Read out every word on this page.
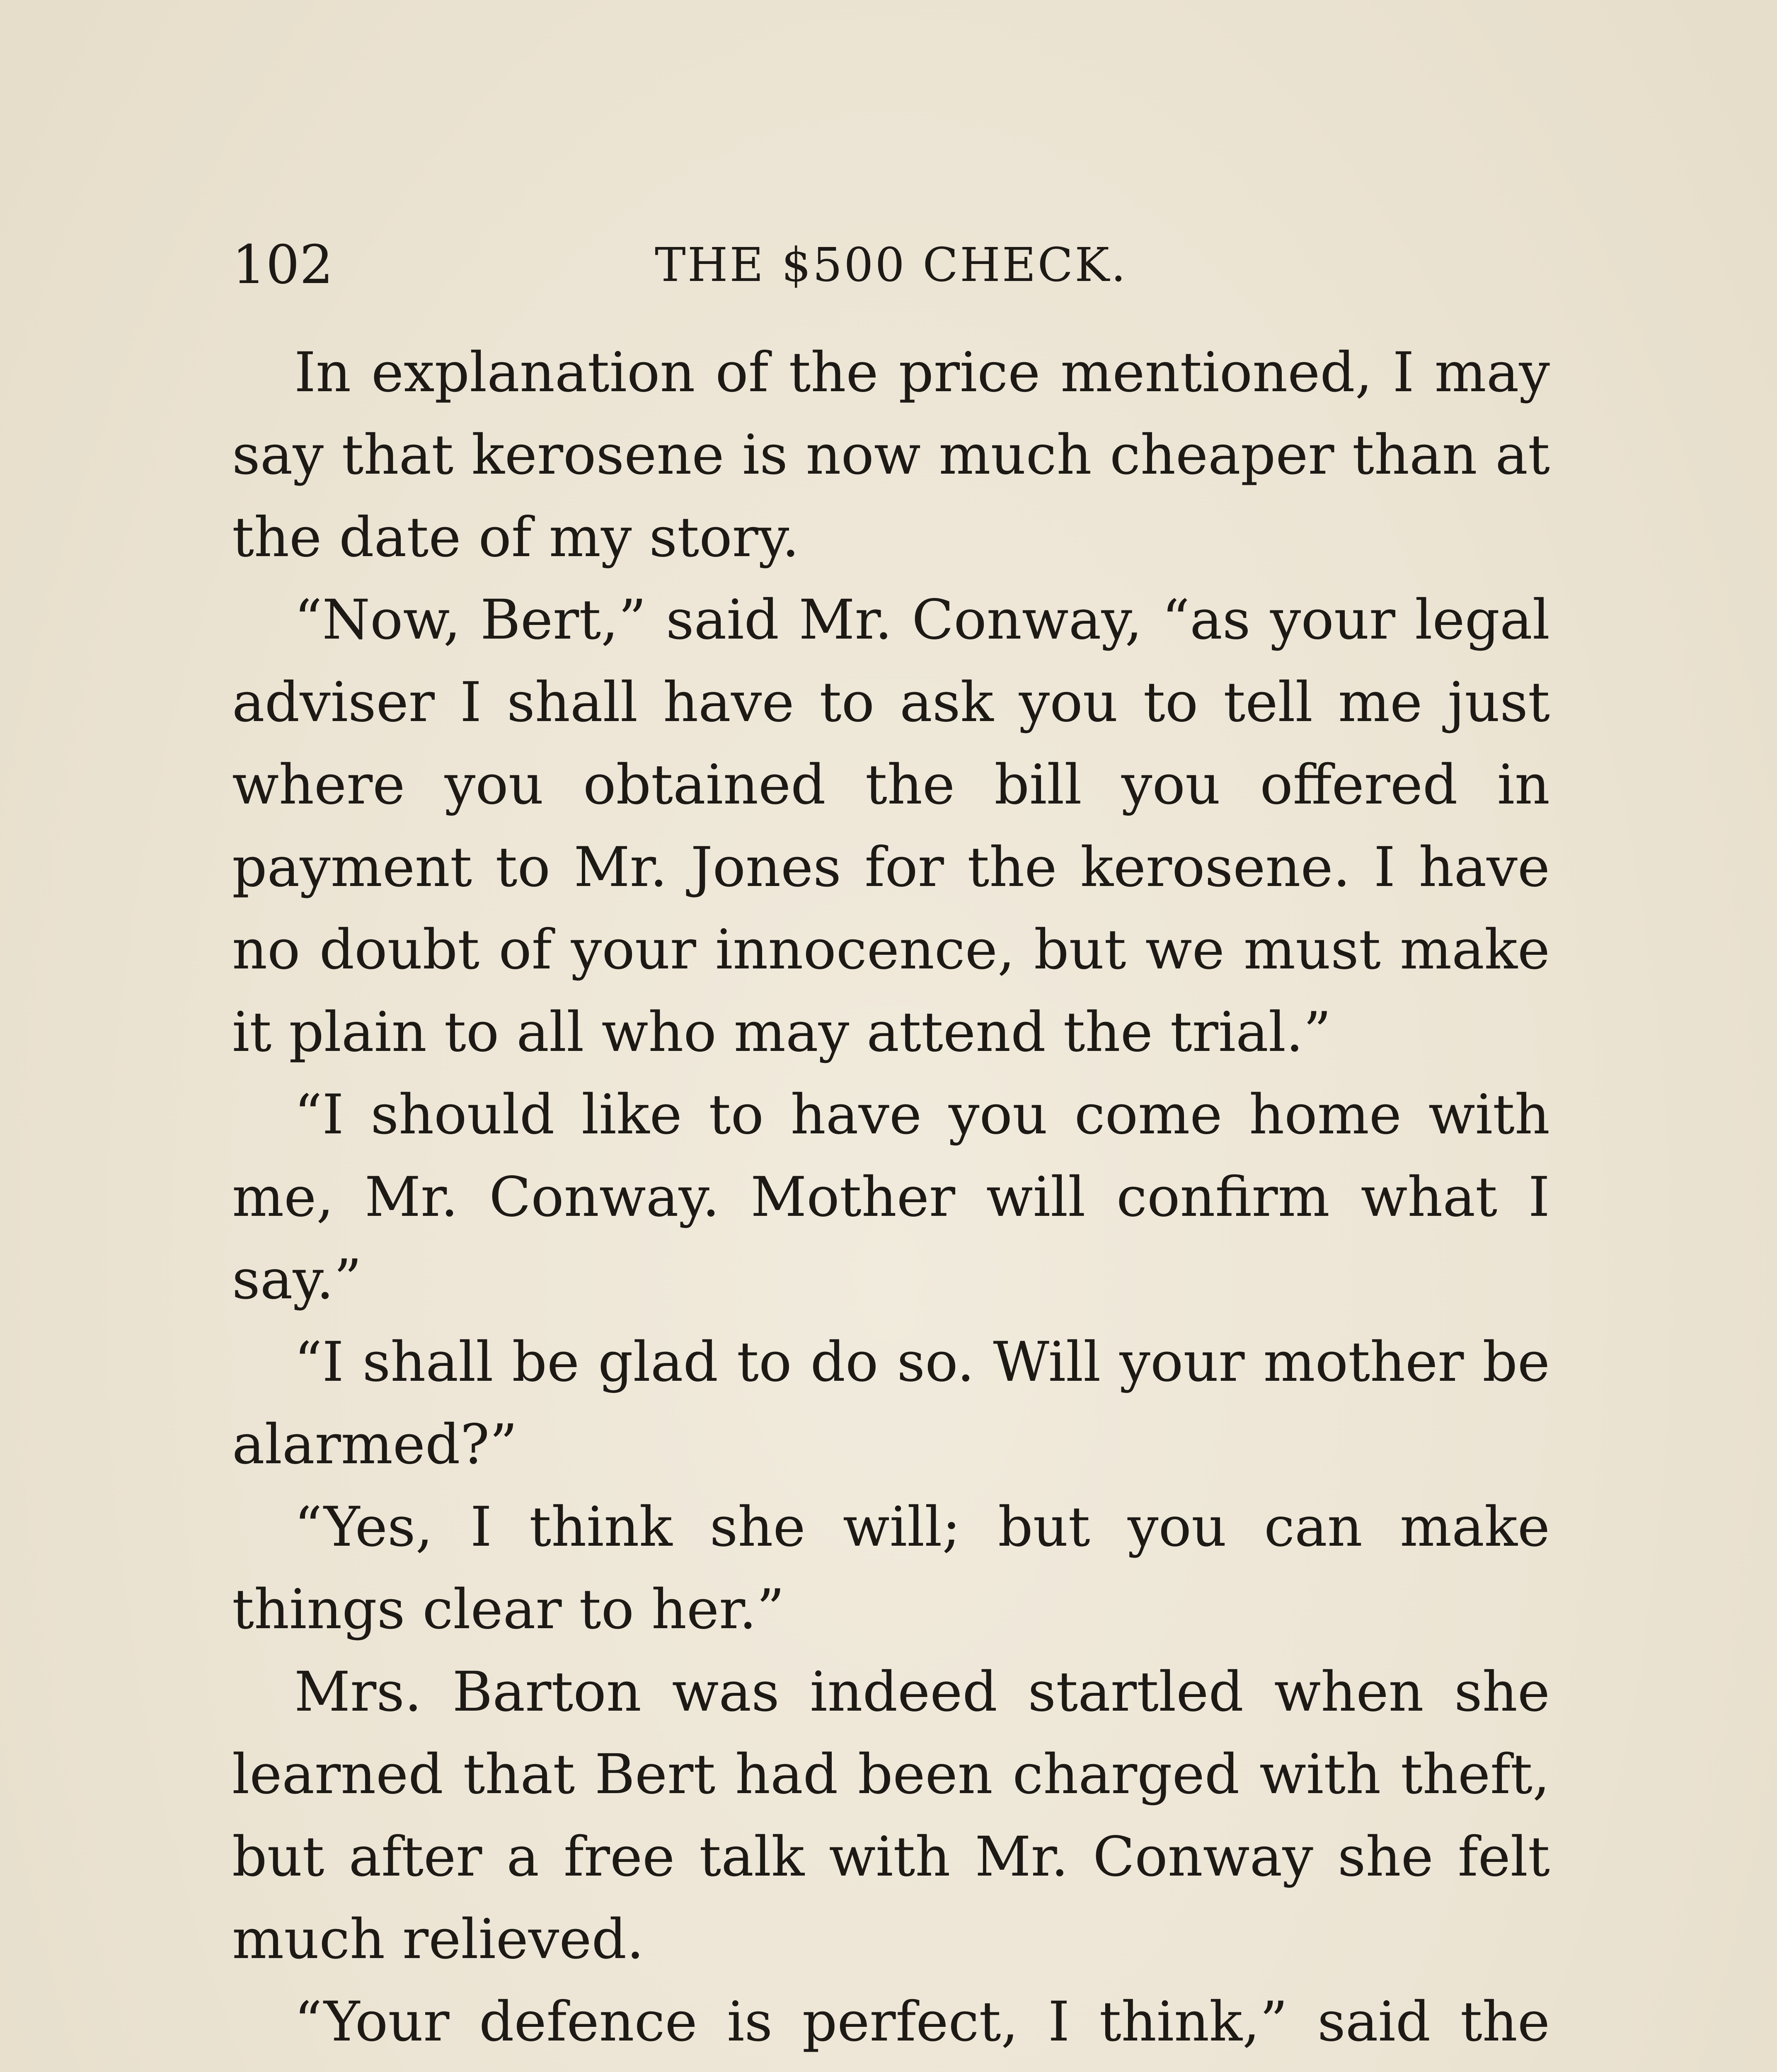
102	THE $500 CHECK.

In explanation of the price mentioned, I may say that kerosene is now much cheaper than at the date of my story.

“Now, Bert,” said Mr. Conway, “as your legal adviser I shall have to ask you to tell me just where you obtained the bill you offered in payment to Mr. Jones for the kerosene. I have no doubt of your innocence, but we must make it plain to all who may attend the trial.”

“I should like to have you come home with me, Mr. Conway. Mother will confirm what I say.”

“I shall be glad to do so. Will your mother be alarmed?”

“Yes, I think she will; but you can make things clear to her.”

Mrs. Barton was indeed startled when she learned that Bert had been charged with theft, but after a free talk with Mr. Conway she felt much relieved.

“Your defence is perfect, I think,” said the
